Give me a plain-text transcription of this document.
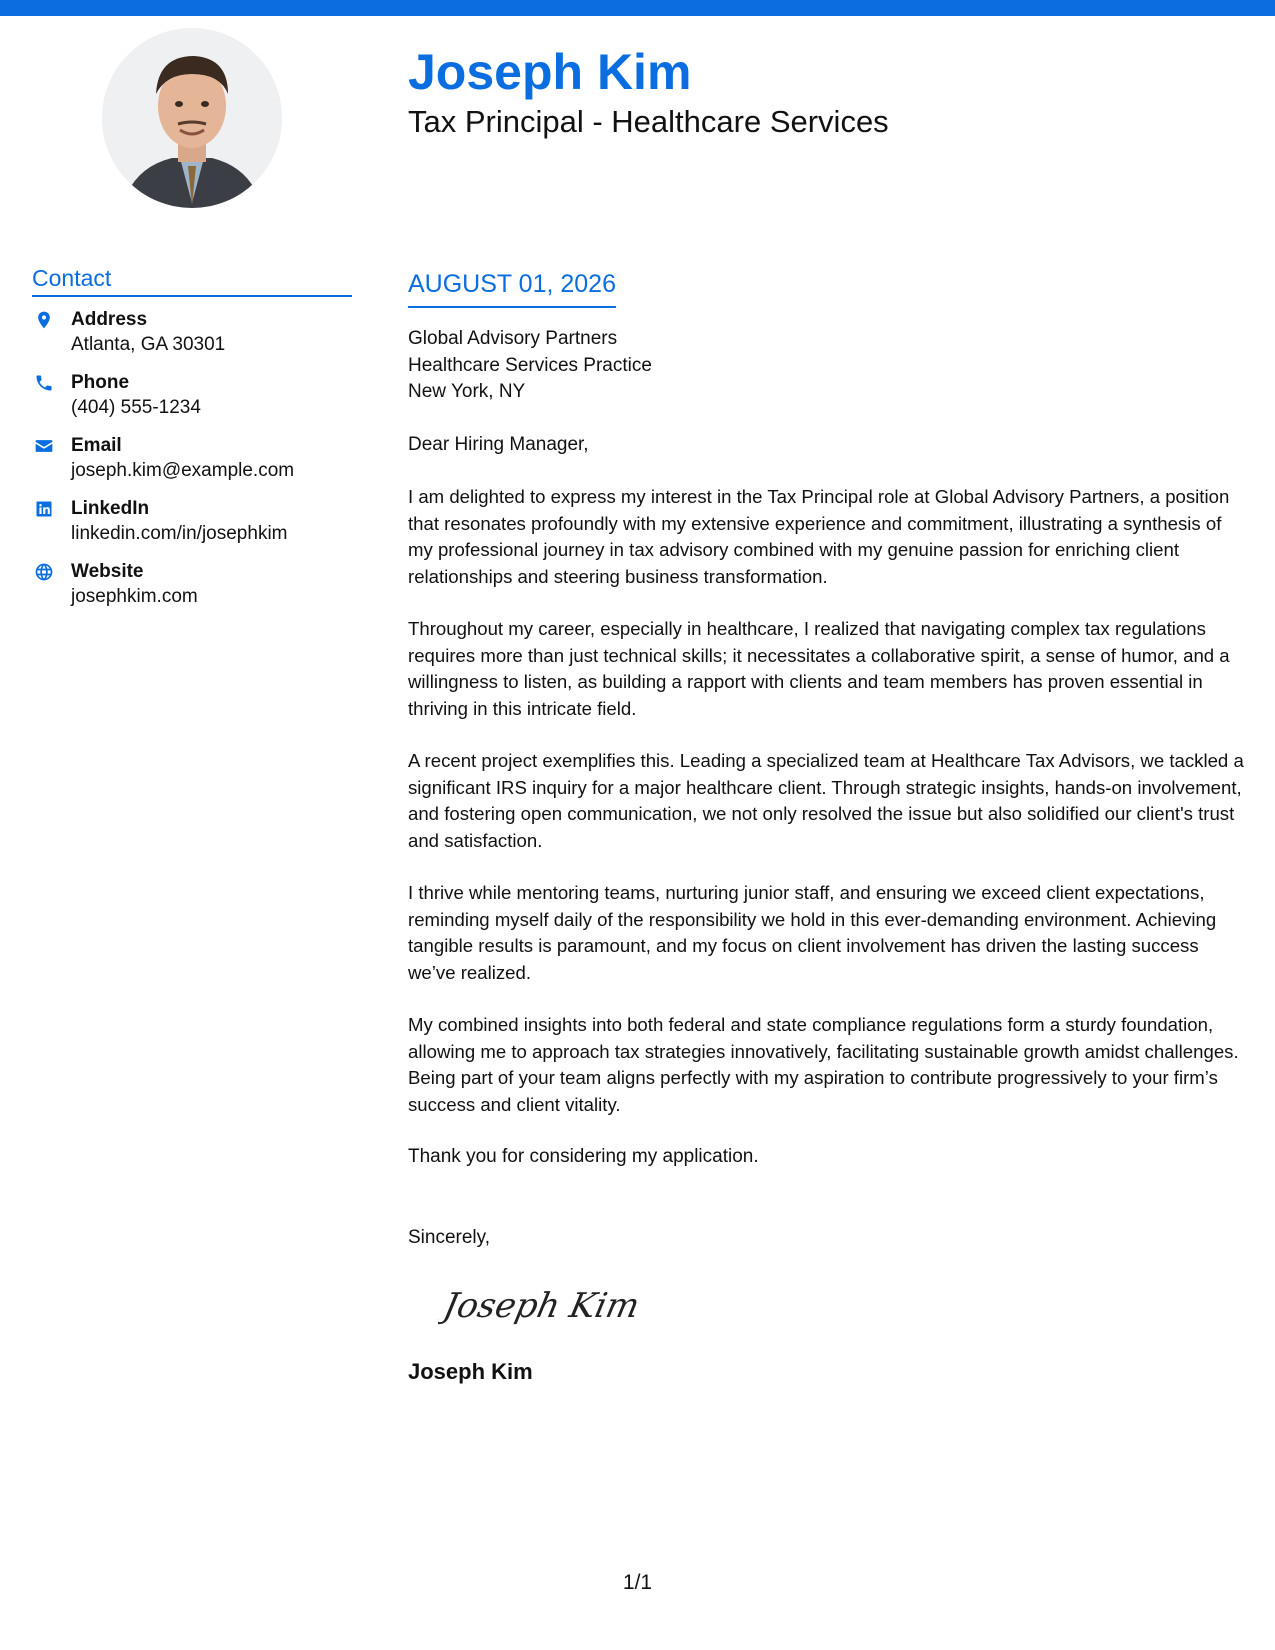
Joseph Kim
Tax Principal - Healthcare Services
Contact
Address
Atlanta, GA 30301
Phone
(404) 555-1234
Email
joseph.kim@example.com
LinkedIn
linkedin.com/in/josephkim
Website
josephkim.com
AUGUST 01, 2026
Global Advisory Partners
Healthcare Services Practice
New York, NY
Dear Hiring Manager,
I am delighted to express my interest in the Tax Principal role at Global Advisory Partners, a position that resonates profoundly with my extensive experience and commitment, illustrating a synthesis of my professional journey in tax advisory combined with my genuine passion for enriching client relationships and steering business transformation.
Throughout my career, especially in healthcare, I realized that navigating complex tax regulations requires more than just technical skills; it necessitates a collaborative spirit, a sense of humor, and a willingness to listen, as building a rapport with clients and team members has proven essential in thriving in this intricate field.
A recent project exemplifies this. Leading a specialized team at Healthcare Tax Advisors, we tackled a significant IRS inquiry for a major healthcare client. Through strategic insights, hands-on involvement, and fostering open communication, we not only resolved the issue but also solidified our client's trust and satisfaction.
I thrive while mentoring teams, nurturing junior staff, and ensuring we exceed client expectations, reminding myself daily of the responsibility we hold in this ever-demanding environment. Achieving tangible results is paramount, and my focus on client involvement has driven the lasting success we’ve realized.
My combined insights into both federal and state compliance regulations form a sturdy foundation, allowing me to approach tax strategies innovatively, facilitating sustainable growth amidst challenges. Being part of your team aligns perfectly with my aspiration to contribute progressively to your firm’s success and client vitality.
Thank you for considering my application.
Sincerely,
Joseph Kim
Joseph Kim
1/1
